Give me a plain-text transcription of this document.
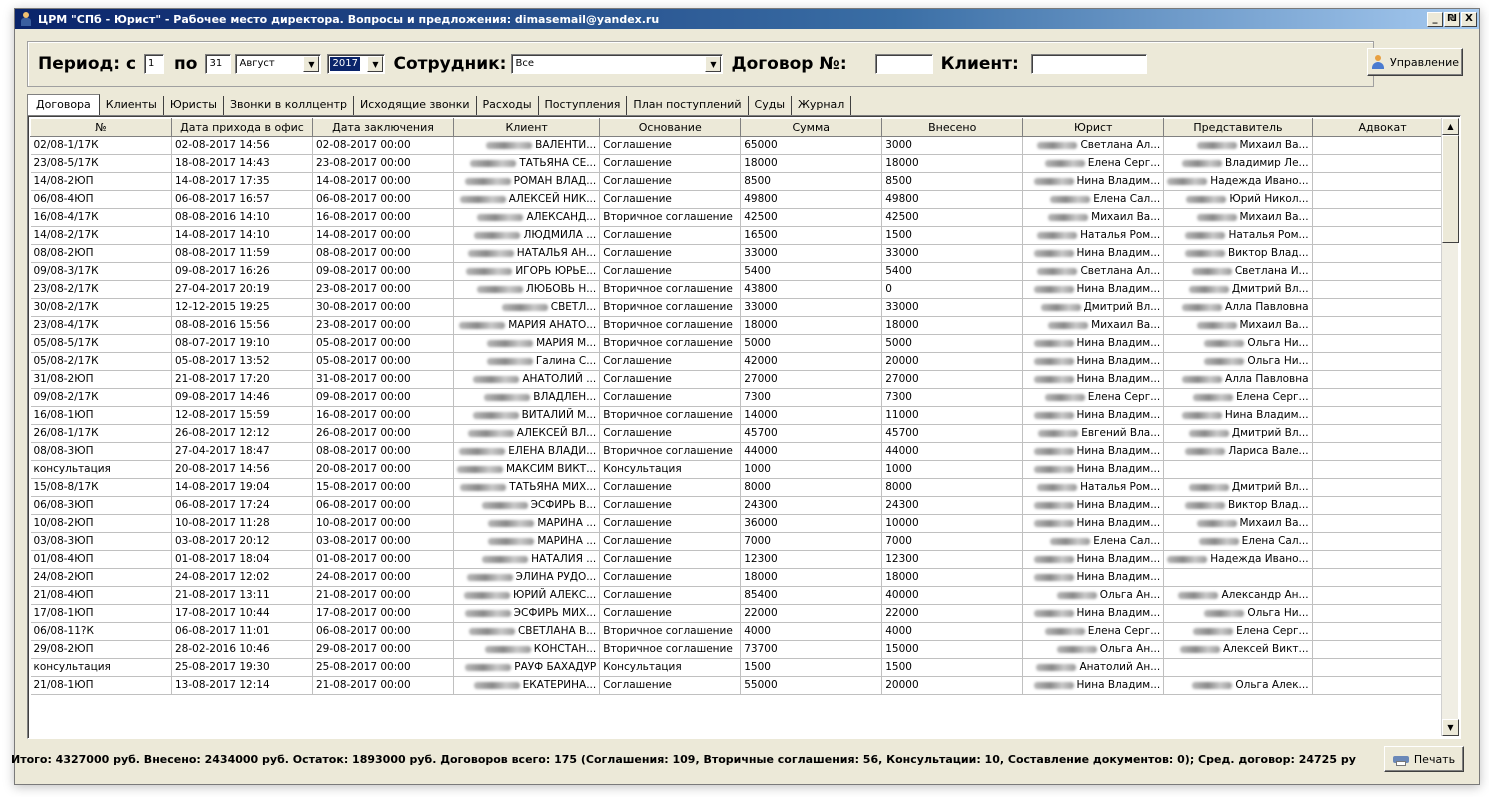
ЦРМ "СПб - Юрист" - Рабочее место директора. Вопросы и предложения: dimasemail@yandex.ru	_ ₪ X
Период: с	1	по	31	Август	▼	2017	▼ Сотрудник: Все	▼ Договор №:	Клиент:	Управление
Договора	Клиенты	Юристы	Звонки в коллцентр	Исходящие звонки	Расходы	Поступления	План поступлений	Суды	Журнал
№	Дата прихода в офис	Дата заключения	Клиент	Основание	Сумма	Внесено	Юрист	Представитель	Адвокат
02/08-1/17К	02-08-2017 14:56	02-08-2017 00:00	ВАЛЕНТИ...	Соглашение	65000	3000	Светлана Ал...	Михаил Ва...	
23/08-5/17К	18-08-2017 14:43	23-08-2017 00:00	ТАТЬЯНА СЕ...	Соглашение	18000	18000	Елена Серг...	Владимир Ле...	
14/08-2ЮП	14-08-2017 17:35	14-08-2017 00:00	РОМАН ВЛАД...	Соглашение	8500	8500	Нина Владим...	Надежда Ивано...	
06/08-4ЮП	06-08-2017 16:57	06-08-2017 00:00	АЛЕКСЕЙ НИК...	Соглашение	49800	49800	Елена Сал...	Юрий Никол...	
16/08-4/17К	08-08-2016 14:10	16-08-2017 00:00	АЛЕКСАНД...	Вторичное соглашение	42500	42500	Михаил Ва...	Михаил Ва...	
14/08-2/17К	14-08-2017 14:10	14-08-2017 00:00	ЛЮДМИЛА ...	Соглашение	16500	1500	Наталья Ром...	Наталья Ром...	
08/08-2ЮП	08-08-2017 11:59	08-08-2017 00:00	НАТАЛЬЯ АН...	Соглашение	33000	33000	Нина Владим...	Виктор Влад...	
09/08-3/17К	09-08-2017 16:26	09-08-2017 00:00	ИГОРЬ ЮРЬЕ...	Соглашение	5400	5400	Светлана Ал...	Светлана И...	
23/08-2/17К	27-04-2017 20:19	23-08-2017 00:00	ЛЮБОВЬ Н...	Вторичное соглашение	43800	0	Нина Владим...	Дмитрий Вл...	
30/08-2/17К	12-12-2015 19:25	30-08-2017 00:00	СВЕТЛ...	Вторичное соглашение	33000	33000	Дмитрий Вл...	Алла Павловна	
23/08-4/17К	08-08-2016 15:56	23-08-2017 00:00	МАРИЯ АНАТО...	Вторичное соглашение	18000	18000	Михаил Ва...	Михаил Ва...	
05/08-5/17К	08-07-2017 19:10	05-08-2017 00:00	МАРИЯ М...	Вторичное соглашение	5000	5000	Нина Владим...	Ольга Ни...	
05/08-2/17К	05-08-2017 13:52	05-08-2017 00:00	Галина С...	Соглашение	42000	20000	Нина Владим...	Ольга Ни...	
31/08-2ЮП	21-08-2017 17:20	31-08-2017 00:00	АНАТОЛИЙ ...	Соглашение	27000	27000	Нина Владим...	Алла Павловна	
09/08-2/17К	09-08-2017 14:46	09-08-2017 00:00	ВЛАДЛЕН...	Соглашение	7300	7300	Елена Серг...	Елена Серг...	
16/08-1ЮП	12-08-2017 15:59	16-08-2017 00:00	ВИТАЛИЙ М...	Вторичное соглашение	14000	11000	Нина Владим...	Нина Владим...	
26/08-1/17К	26-08-2017 12:12	26-08-2017 00:00	АЛЕКСЕЙ ВЛ...	Соглашение	45700	45700	Евгений Вла...	Дмитрий Вл...	
08/08-3ЮП	27-04-2017 18:47	08-08-2017 00:00	ЕЛЕНА ВЛАДИ...	Вторичное соглашение	44000	44000	Нина Владим...	Лариса Вале...	
консультация	20-08-2017 14:56	20-08-2017 00:00	МАКСИМ ВИКТ...	Консультация	1000	1000	Нина Владим...		
15/08-8/17К	14-08-2017 19:04	15-08-2017 00:00	ТАТЬЯНА МИХ...	Соглашение	8000	8000	Наталья Ром...	Дмитрий Вл...	
06/08-3ЮП	06-08-2017 17:24	06-08-2017 00:00	ЭСФИРЬ В...	Соглашение	24300	24300	Нина Владим...	Виктор Влад...	
10/08-2ЮП	10-08-2017 11:28	10-08-2017 00:00	МАРИНА ...	Соглашение	36000	10000	Нина Владим...	Михаил Ва...	
03/08-3ЮП	03-08-2017 20:12	03-08-2017 00:00	МАРИНА ...	Соглашение	7000	7000	Елена Сал...	Елена Сал...	
01/08-4ЮП	01-08-2017 18:04	01-08-2017 00:00	НАТАЛИЯ ...	Соглашение	12300	12300	Нина Владим...	Надежда Ивано...	
24/08-2ЮП	24-08-2017 12:02	24-08-2017 00:00	ЭЛИНА РУДО...	Соглашение	18000	18000	Нина Владим...		
21/08-4ЮП	21-08-2017 13:11	21-08-2017 00:00	ЮРИЙ АЛЕКС...	Соглашение	85400	40000	Ольга Ан...	Александр Ан...	
17/08-1ЮП	17-08-2017 10:44	17-08-2017 00:00	ЭСФИРЬ МИХ...	Соглашение	22000	22000	Нина Владим...	Ольга Ни...	
06/08-11?К	06-08-2017 11:01	06-08-2017 00:00	СВЕТЛАНА В...	Вторичное соглашение	4000	4000	Елена Серг...	Елена Серг...	
29/08-2ЮП	28-02-2016 10:46	29-08-2017 00:00	КОНСТАН...	Вторичное соглашение	73700	15000	Ольга Ан...	Алексей Викт...	
консультация	25-08-2017 19:30	25-08-2017 00:00	РАУФ БАХАДУР	Консультация	1500	1500	Анатолий Ан...		
21/08-1ЮП	13-08-2017 12:14	21-08-2017 00:00	ЕКАТЕРИНА...	Соглашение	55000	20000	Нина Владим...	Ольга Алек...	
▲
▼
Итого: 4327000 руб. Внесено: 2434000 руб. Остаток: 1893000 руб. Договоров всего: 175 (Соглашения: 109, Вторичные соглашения: 56, Консультации: 10, Составление документов: 0); Сред. договор: 24725 ру	Печать
